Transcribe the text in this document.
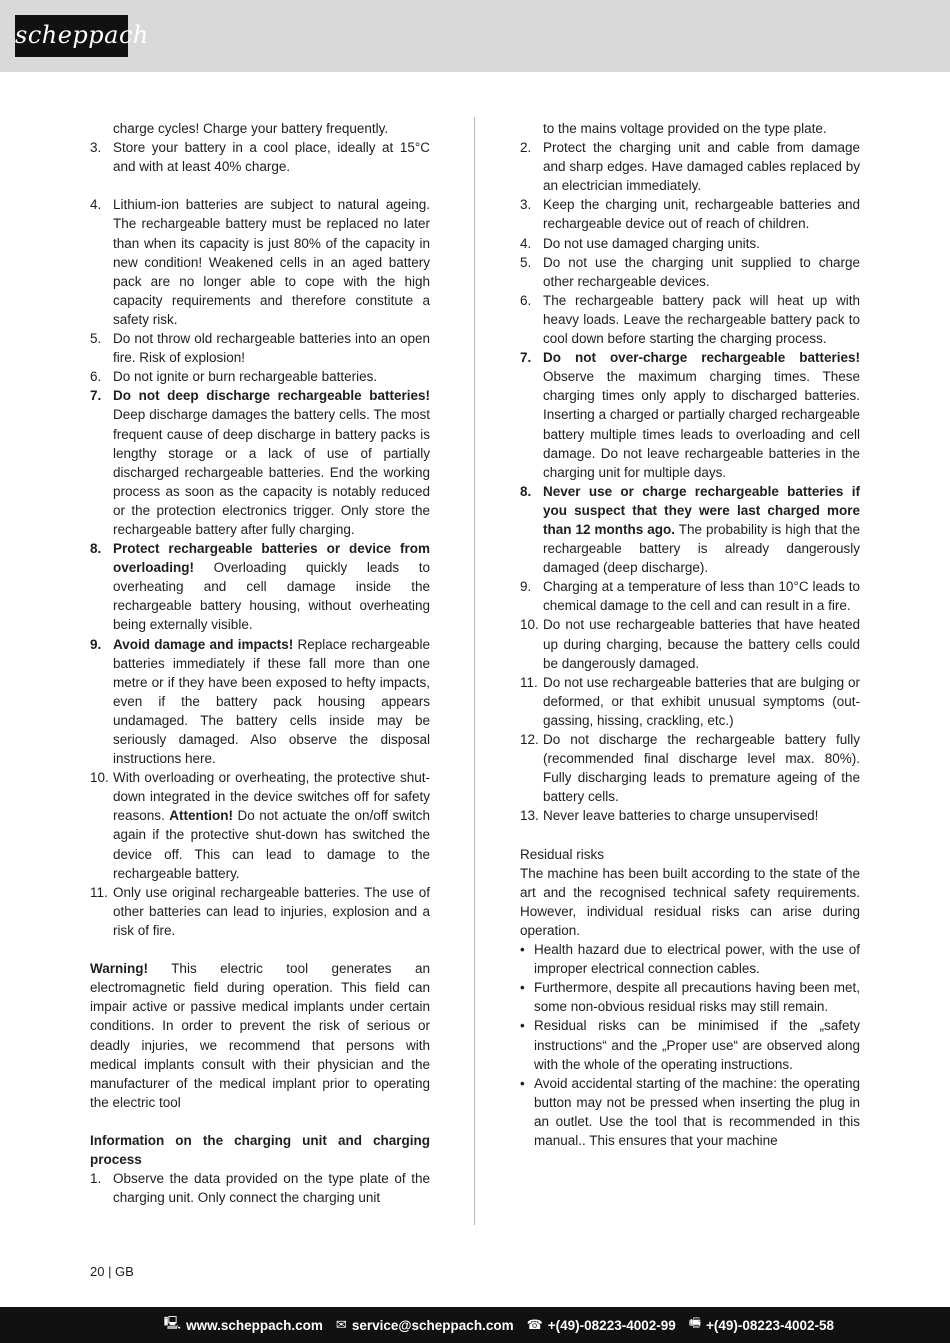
scheppach
charge cycles! Charge your battery frequently.
3. Store your battery in a cool place, ideally at 15°C and with at least 40% charge.
4. Lithium-ion batteries are subject to natural ageing. The rechargeable battery must be replaced no later than when its capacity is just 80% of the capacity in new condition! Weakened cells in an aged battery pack are no longer able to cope with the high capacity requirements and therefore constitute a safety risk.
5. Do not throw old rechargeable batteries into an open fire. Risk of explosion!
6. Do not ignite or burn rechargeable batteries.
7. Do not deep discharge rechargeable batteries! Deep discharge damages the battery cells. The most frequent cause of deep discharge in battery packs is lengthy storage or a lack of use of partially discharged rechargeable batteries. End the working process as soon as the capacity is notably reduced or the protection electronics trigger. Only store the rechargeable battery after fully charging.
8. Protect rechargeable batteries or device from overloading! Overloading quickly leads to overheating and cell damage inside the rechargeable battery housing, without overheating being externally visible.
9. Avoid damage and impacts! Replace rechargeable batteries immediately if these fall more than one metre or if they have been exposed to hefty impacts, even if the battery pack housing appears undamaged. The battery cells inside may be seriously damaged. Also observe the disposal instructions here.
10. With overloading or overheating, the protective shut-down integrated in the device switches off for safety reasons. Attention! Do not actuate the on/off switch again if the protective shut-down has switched the device off. This can lead to damage to the rechargeable battery.
11. Only use original rechargeable batteries. The use of other batteries can lead to injuries, explosion and a risk of fire.
Warning! This electric tool generates an electromagnetic field during operation. This field can impair active or passive medical implants under certain conditions. In order to prevent the risk of serious or deadly injuries, we recommend that persons with medical implants consult with their physician and the manufacturer of the medical implant prior to operating the electric tool
Information on the charging unit and charging process
1. Observe the data provided on the type plate of the charging unit. Only connect the charging unit
to the mains voltage provided on the type plate.
2. Protect the charging unit and cable from damage and sharp edges. Have damaged cables replaced by an electrician immediately.
3. Keep the charging unit, rechargeable batteries and rechargeable device out of reach of children.
4. Do not use damaged charging units.
5. Do not use the charging unit supplied to charge other rechargeable devices.
6. The rechargeable battery pack will heat up with heavy loads. Leave the rechargeable battery pack to cool down before starting the charging process.
7. Do not over-charge rechargeable batteries! Observe the maximum charging times. These charging times only apply to discharged batteries. Inserting a charged or partially charged rechargeable battery multiple times leads to overloading and cell damage. Do not leave rechargeable batteries in the charging unit for multiple days.
8. Never use or charge rechargeable batteries if you suspect that they were last charged more than 12 months ago. The probability is high that the rechargeable battery is already dangerously damaged (deep discharge).
9. Charging at a temperature of less than 10°C leads to chemical damage to the cell and can result in a fire.
10. Do not use rechargeable batteries that have heated up during charging, because the battery cells could be dangerously damaged.
11. Do not use rechargeable batteries that are bulging or deformed, or that exhibit unusual symptoms (out-gassing, hissing, crackling, etc.)
12. Do not discharge the rechargeable battery fully (recommended final discharge level max. 80%). Fully discharging leads to premature ageing of the battery cells.
13. Never leave batteries to charge unsupervised!
Residual risks
The machine has been built according to the state of the art and the recognised technical safety requirements. However, individual residual risks can arise during operation.
• Health hazard due to electrical power, with the use of improper electrical connection cables.
• Furthermore, despite all precautions having been met, some non-obvious residual risks may still remain.
• Residual risks can be minimised if the „safety instructions“ and the „Proper use“ are observed along with the whole of the operating instructions.
• Avoid accidental starting of the machine: the operating button may not be pressed when inserting the plug in an outlet. Use the tool that is recommended in this manual.. This ensures that your machine
20 | GB
🖳 www.scheppach.com ✉ service@scheppach.com ☎ +(49)-08223-4002-99 🖷 +(49)-08223-4002-58
